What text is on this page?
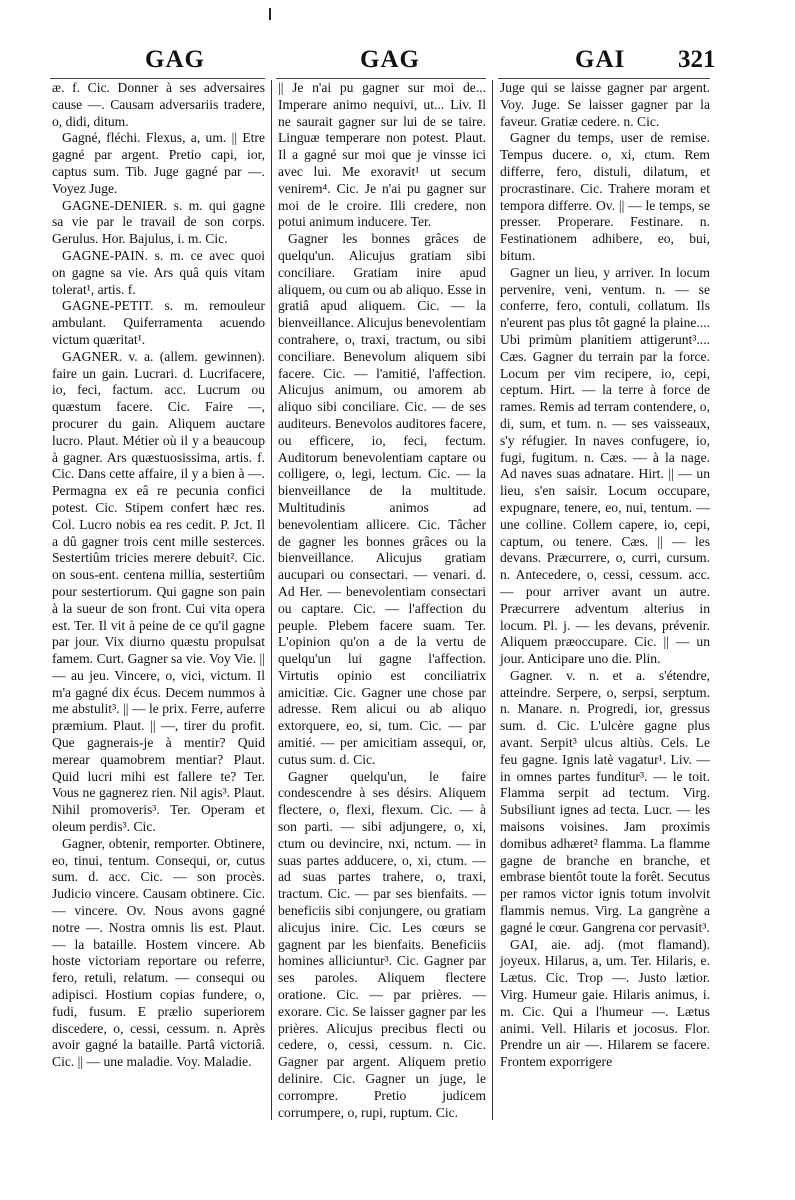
GAG	GAG	GAI 321

æ. f. Cic. Donner à ses adversaires cause —. Causam adversariis tradere, o, didi, ditum.

Gagné, fléchi. Flexus, a, um. || Etre gagné par argent. Pretio capi, ior, captus sum. Tib. Juge gagné par —. Voyez Juge.

GAGNE-DENIER. s. m. qui gagne sa vie par le travail de son corps. Gerulus. Hor. Bajulus, i. m. Cic.

GAGNE-PAIN. s. m. ce avec quoi on gagne sa vie. Ars quâ quis vitam tolerat¹, artis. f.

GAGNE-PETIT. s. m. remouleur ambulant. Quiferramenta acuendo victum quæritat¹.

GAGNER. v. a. (allem. gewinnen). faire un gain. Lucrari. d. Lucrifacere, io, feci, factum. acc. Lucrum ou quæstum facere. Cic. Faire —, procurer du gain. Aliquem auctare lucro. Plaut. Métier où il y a beaucoup à gagner. Ars quæstuosissima, artis. f. Cic. Dans cette affaire, il y a bien à —. Permagna ex eâ re pecunia confici potest. Cic. Stipem confert hæc res. Col. Lucro nobis ea res cedit. P. Jct. Il a dû gagner trois cent mille sesterces. Sestertiûm tricies merere debuit². Cic. on sous-ent. centena millia, sestertiûm pour sestertiorum. Qui gagne son pain à la sueur de son front. Cui vita opera est. Ter. Il vit à peine de ce qu'il gagne par jour. Vix diurno quæstu propulsat famem. Curt. Gagner sa vie. Voy Vie. || — au jeu. Vincere, o, vici, victum. Il m'a gagné dix écus. Decem nummos à me abstulit³. || — le prix. Ferre, auferre præmium. Plaut. || —, tirer du profit. Que gagnerais-je à mentir? Quid merear quamobrem mentiar? Plaut. Quid lucri mihi est fallere te? Ter. Vous ne gagnerez rien. Nil agis³. Plaut. Nihil promoveris³. Ter. Operam et oleum perdis³. Cic.

Gagner, obtenir, remporter. Obtinere, eo, tinui, tentum. Consequi, or, cutus sum. d. acc. Cic. — son procès. Judicio vincere. Causam obtinere. Cic. — vincere. Ov. Nous avons gagné notre —. Nostra omnis lis est. Plaut. — la bataille. Hostem vincere. Ab hoste victoriam reportare ou referre, fero, retuli, relatum. — consequi ou adipisci. Hostium copias fundere, o, fudi, fusum. E prælio superiorem discedere, o, cessi, cessum. n. Après avoir gagné la bataille. Partâ victoriâ. Cic. || — une maladie. Voy. Maladie.

|| Je n'ai pu gagner sur moi de... Imperare animo nequivi, ut... Liv. Il ne saurait gagner sur lui de se taire. Linguæ temperare non potest. Plaut. Il a gagné sur moi que je vinsse ici avec lui. Me exoravit¹ ut secum venirem⁴. Cic. Je n'ai pu gagner sur moi de le croire. Illi credere, non potui animum inducere. Ter.

Gagner les bonnes grâces de quelqu'un. Alicujus gratiam sibi conciliare. Gratiam inire apud aliquem, ou cum ou ab aliquo. Esse in gratiâ apud aliquem. Cic. — la bienveillance. Alicujus benevolentiam contrahere, o, traxi, tractum, ou sibi conciliare. Benevolum aliquem sibi facere. Cic. — l'amitié, l'affection. Alicujus animum, ou amorem ab aliquo sibi conciliare. Cic. — de ses auditeurs. Benevolos auditores facere, ou efficere, io, feci, fectum. Auditorum benevolentiam captare ou colligere, o, legi, lectum. Cic. — la bienveillance de la multitude. Multitudinis animos ad benevolentiam allicere. Cic. Tâcher de gagner les bonnes grâces ou la bienveillance. Alicujus gratiam aucupari ou consectari. — venari. d. Ad Her. — benevolentiam consectari ou captare. Cic. — l'affection du peuple. Plebem facere suam. Ter. L'opinion qu'on a de la vertu de quelqu'un lui gagne l'affection. Virtutis opinio est conciliatrix amicitiæ. Cic. Gagner une chose par adresse. Rem alicui ou ab aliquo extorquere, eo, si, tum. Cic. — par amitié. — per amicitiam assequi, or, cutus sum. d. Cic.

Gagner quelqu'un, le faire condescendre à ses désirs. Aliquem flectere, o, flexi, flexum. Cic. — à son parti. — sibi adjungere, o, xi, ctum ou devincire, nxi, nctum. — in suas partes adducere, o, xi, ctum. — ad suas partes trahere, o, traxi, tractum. Cic. — par ses bienfaits. — beneficiis sibi conjungere, ou gratiam alicujus inire. Cic. Les cœurs se gagnent par les bienfaits. Beneficiis homines alliciuntur³. Cic. Gagner par ses paroles. Aliquem flectere oratione. Cic. — par prières. — exorare. Cic. Se laisser gagner par les prières. Alicujus precibus flecti ou cedere, o, cessi, cessum. n. Cic. Gagner par argent. Aliquem pretio delinire. Cic. Gagner un juge, le corrompre. Pretio judicem corrumpere, o, rupi, ruptum. Cic.

Juge qui se laisse gagner par argent. Voy. Juge. Se laisser gagner par la faveur. Gratiæ cedere. n. Cic.

Gagner du temps, user de remise. Tempus ducere. o, xi, ctum. Rem differre, fero, distuli, dilatum, et procrastinare. Cic. Trahere moram et tempora differre. Ov. || — le temps, se presser. Properare. Festinare. n. Festinationem adhibere, eo, bui, bitum.

Gagner un lieu, y arriver. In locum pervenire, veni, ventum. n. — se conferre, fero, contuli, collatum. Ils n'eurent pas plus tôt gagné la plaine.... Ubi primùm planitiem attigerunt³.... Cæs. Gagner du terrain par la force. Locum per vim recipere, io, cepi, ceptum. Hirt. — la terre à force de rames. Remis ad terram contendere, o, di, sum, et tum. n. — ses vaisseaux, s'y réfugier. In naves confugere, io, fugi, fugitum. n. Cæs. — à la nage. Ad naves suas adnatare. Hirt. || — un lieu, s'en saisir. Locum occupare, expugnare, tenere, eo, nui, tentum. — une colline. Collem capere, io, cepi, captum, ou tenere. Cæs. || — les devans. Præcurrere, o, curri, cursum. n. Antecedere, o, cessi, cessum. acc. — pour arriver avant un autre. Præcurrere adventum alterius in locum. Pl. j. — les devans, prévenir. Aliquem præoccupare. Cic. || — un jour. Anticipare uno die. Plin.

Gagner. v. n. et a. s'étendre, atteindre. Serpere, o, serpsi, serptum. n. Manare. n. Progredi, ior, gressus sum. d. Cic. L'ulcère gagne plus avant. Serpit³ ulcus altiùs. Cels. Le feu gagne. Ignis latè vagatur¹. Liv. — in omnes partes funditur³. — le toit. Flamma serpit ad tectum. Virg. Subsiliunt ignes ad tecta. Lucr. — les maisons voisines. Jam proximis domibus adhæret² flamma. La flamme gagne de branche en branche, et embrase bientôt toute la forêt. Secutus per ramos victor ignis totum involvit flammis nemus. Virg. La gangrène a gagné le cœur. Gangrena cor pervasit³.

GAI, aie. adj. (mot flamand). joyeux. Hilarus, a, um. Ter. Hilaris, e. Lætus. Cic. Trop —. Justo lætior. Virg. Humeur gaie. Hilaris animus, i. m. Cic. Qui a l'humeur —. Lætus animi. Vell. Hilaris et jocosus. Flor. Prendre un air —. Hilarem se facere. Frontem exporrigere
